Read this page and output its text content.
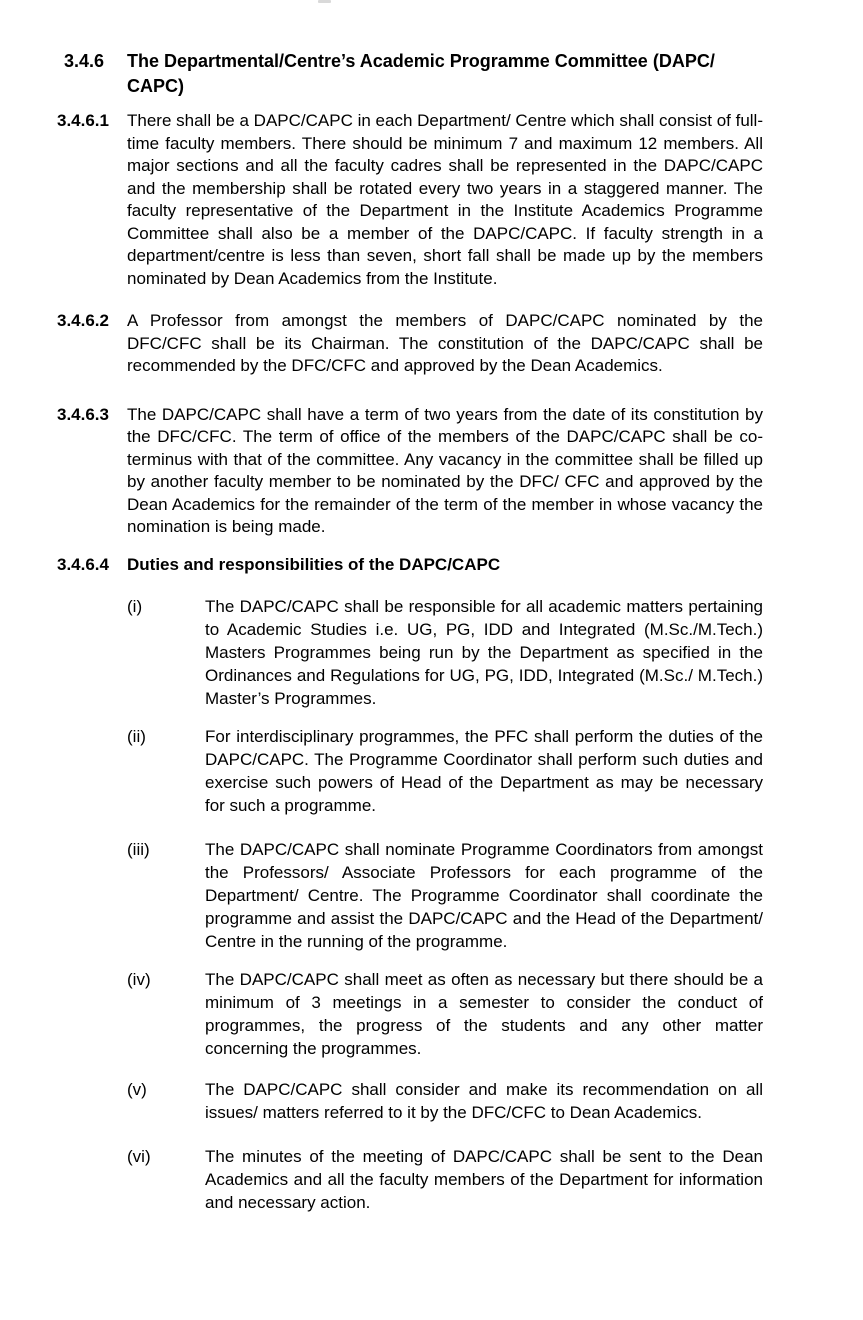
3.4.6	The Departmental/Centre’s Academic Programme Committee (DAPC/
CAPC)
3.4.6.1	There shall be a DAPC/CAPC in each Department/ Centre which shall consist of full-time faculty members. There should be minimum 7 and maximum 12 members. All major sections and all the faculty cadres shall be represented in the DAPC/CAPC and the membership shall be rotated every two years in a staggered manner. The faculty representative of the Department in the Institute Academics Programme Committee shall also be a member of the DAPC/CAPC. If faculty strength in a department/centre is less than seven, short fall shall be made up by the members nominated by Dean Academics from the Institute.
3.4.6.2	A Professor from amongst the members of DAPC/CAPC nominated by the DFC/CFC shall be its Chairman. The constitution of the DAPC/CAPC shall be recommended by the DFC/CFC and approved by the Dean Academics.
3.4.6.3	The DAPC/CAPC shall have a term of two years from the date of its constitution by the DFC/CFC. The term of office of the members of the DAPC/CAPC shall be co-terminus with that of the committee. Any vacancy in the committee shall be filled up by another faculty member to be nominated by the DFC/ CFC and approved by the Dean Academics for the remainder of the term of the member in whose vacancy the nomination is being made.
3.4.6.4	Duties and responsibilities of the DAPC/CAPC
(i)	The DAPC/CAPC shall be responsible for all academic matters pertaining to Academic Studies i.e. UG, PG, IDD and Integrated (M.Sc./M.Tech.) Masters Programmes being run by the Department as specified in the Ordinances and Regulations for UG, PG, IDD, Integrated (M.Sc./ M.Tech.) Master’s Programmes.
(ii)	For interdisciplinary programmes, the PFC shall perform the duties of the DAPC/CAPC. The Programme Coordinator shall perform such duties and exercise such powers of Head of the Department as may be necessary for such a programme.
(iii)	The DAPC/CAPC shall nominate Programme Coordinators from amongst the Professors/ Associate Professors for each programme of the Department/ Centre. The Programme Coordinator shall coordinate the programme and assist the DAPC/CAPC and the Head of the Department/ Centre in the running of the programme.
(iv)	The DAPC/CAPC shall meet as often as necessary but there should be a minimum of 3 meetings in a semester to consider the conduct of programmes, the progress of the students and any other matter concerning the programmes.
(v)	The DAPC/CAPC shall consider and make its recommendation on all issues/ matters referred to it by the DFC/CFC to Dean Academics.
(vi)	The minutes of the meeting of DAPC/CAPC shall be sent to the Dean Academics and all the faculty members of the Department for information and necessary action.
